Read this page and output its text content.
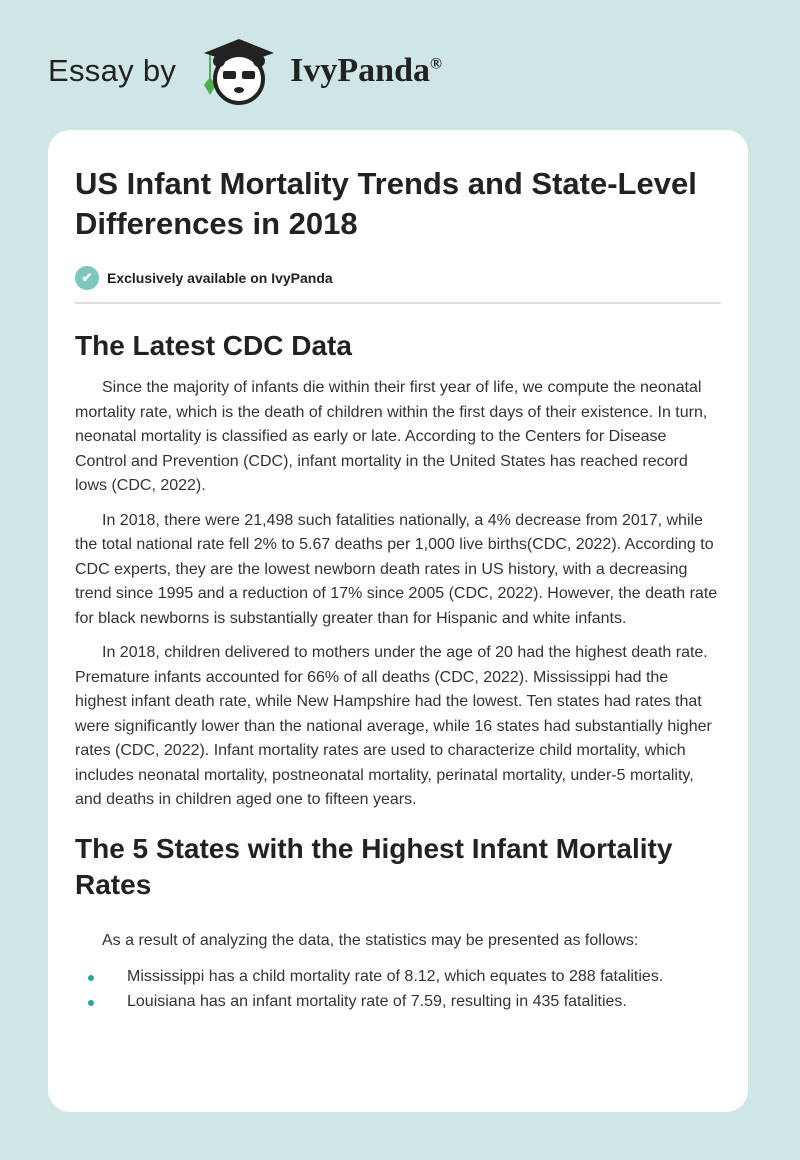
Essay by	IvyPanda®
US Infant Mortality Trends and State-Level Differences in 2018
✔	Exclusively available on IvyPanda
The Latest CDC Data

Since the majority of infants die within their first year of life, we compute the neonatal mortality rate, which is the death of children within the first days of their existence. In turn, neonatal mortality is classified as early or late. According to the Centers for Disease Control and Prevention (CDC), infant mortality in the United States has reached record lows (CDC, 2022).

In 2018, there were 21,498 such fatalities nationally, a 4% decrease from 2017, while the total national rate fell 2% to 5.67 deaths per 1,000 live births(CDC, 2022). According to CDC experts, they are the lowest newborn death rates in US history, with a decreasing trend since 1995 and a reduction of 17% since 2005 (CDC, 2022). However, the death rate for black newborns is substantially greater than for Hispanic and white infants.

In 2018, children delivered to mothers under the age of 20 had the highest death rate. Premature infants accounted for 66% of all deaths (CDC, 2022). Mississippi had the highest infant death rate, while New Hampshire had the lowest. Ten states had rates that were significantly lower than the national average, while 16 states had substantially higher rates (CDC, 2022). Infant mortality rates are used to characterize child mortality, which includes neonatal mortality, postneonatal mortality, perinatal mortality, under-5 mortality, and deaths in children aged one to fifteen years.

The 5 States with the Highest Infant Mortality Rates

As a result of analyzing the data, the statistics may be presented as follows:

Mississippi has a child mortality rate of 8.12, which equates to 288 fatalities.
Louisiana has an infant mortality rate of 7.59, resulting in 435 fatalities.
